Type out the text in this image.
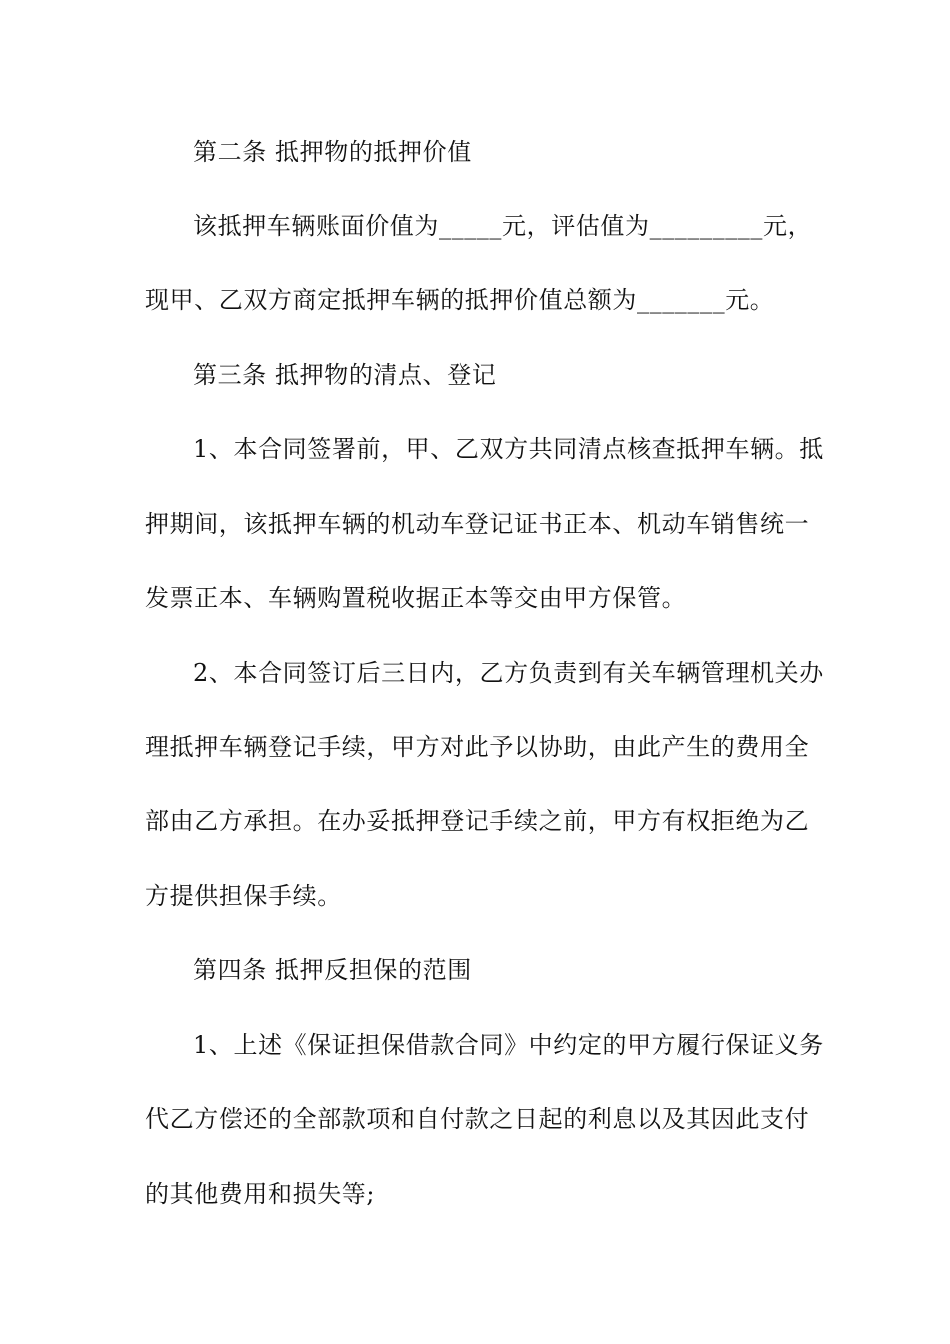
第二条 抵押物的抵押价值
该抵押车辆账面价值为_____元，评估值为_________元，
现甲、乙双方商定抵押车辆的抵押价值总额为_______元。
第三条 抵押物的清点、登记
1、本合同签署前，甲、乙双方共同清点核查抵押车辆。抵
押期间，该抵押车辆的机动车登记证书正本、机动车销售统一
发票正本、车辆购置税收据正本等交由甲方保管。
2、本合同签订后三日内，乙方负责到有关车辆管理机关办
理抵押车辆登记手续，甲方对此予以协助，由此产生的费用全
部由乙方承担。在办妥抵押登记手续之前，甲方有权拒绝为乙
方提供担保手续。
第四条 抵押反担保的范围
1、上述《保证担保借款合同》中约定的甲方履行保证义务
代乙方偿还的全部款项和自付款之日起的利息以及其因此支付
的其他费用和损失等;
